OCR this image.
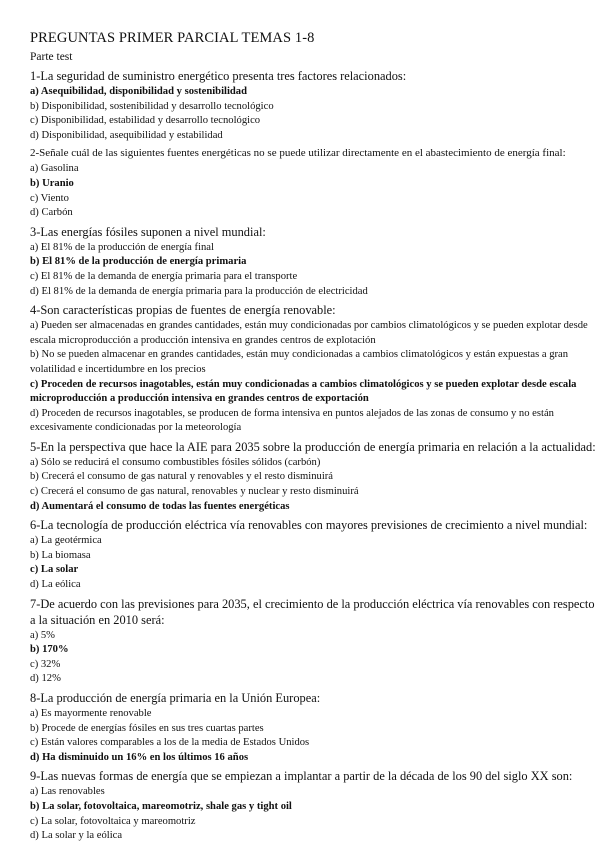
PREGUNTAS PRIMER PARCIAL TEMAS 1-8
Parte test
1-La seguridad de suministro energético presenta tres factores relacionados:
a) Asequibilidad, disponibilidad y sostenibilidad
b) Disponibilidad, sostenibilidad y desarrollo tecnológico
c) Disponibilidad, estabilidad y desarrollo tecnológico
d) Disponibilidad, asequibilidad y estabilidad
2-Señale cuál de las siguientes fuentes energéticas no se puede utilizar directamente en el abastecimiento de energía final:
a) Gasolina
b) Uranio
c) Viento
d) Carbón
3-Las energías fósiles suponen a nivel mundial:
a) El 81% de la producción de energía final
b) El 81% de la producción de energía primaria
c) El 81% de la demanda de energía primaria para el transporte
d) El 81% de la demanda de energía primaria para la producción de electricidad
4-Son características propias de fuentes de energía renovable:
a) Pueden ser almacenadas en grandes cantidades, están muy condicionadas por cambios climatológicos y se pueden explotar desde escala microproducción a producción intensiva en grandes centros de explotación
b) No se pueden almacenar en grandes cantidades, están muy condicionadas a cambios climatológicos y están expuestas a gran volatilidad e incertidumbre en los precios
c) Proceden de recursos inagotables, están muy condicionadas a cambios climatológicos y se pueden explotar desde escala microproducción a producción intensiva en grandes centros de exportación
d) Proceden de recursos inagotables, se producen de forma intensiva en puntos alejados de las zonas de consumo y no están excesivamente condicionadas por la meteorología
5-En la perspectiva que hace la AIE para 2035 sobre la producción de energía primaria en relación a la actualidad:
a) Sólo se reducirá el consumo combustibles fósiles sólidos (carbón)
b) Crecerá el consumo de gas natural y renovables y el resto disminuirá
c) Crecerá el consumo de gas natural, renovables y nuclear y resto disminuirá
d) Aumentará el consumo de todas las fuentes energéticas
6-La tecnología de producción eléctrica vía renovables con mayores previsiones de crecimiento a nivel mundial:
a) La geotérmica
b) La biomasa
c) La solar
d) La eólica
7-De acuerdo con las previsiones para 2035, el crecimiento de la producción eléctrica vía renovables con respecto a la situación en 2010 será:
a) 5%
b) 170%
c) 32%
d) 12%
8-La producción de energía primaria en la Unión Europea:
a) Es mayormente renovable
b) Procede de energías fósiles en sus tres cuartas partes
c) Están valores comparables a los de la media de Estados Unidos
d) Ha disminuido un 16% en los últimos 16 años
9-Las nuevas formas de energía que se empiezan a implantar a partir de la década de los 90 del siglo XX son:
a) Las renovables
b) La solar, fotovoltaica, mareomotriz, shale gas y tight oil
c) La solar, fotovoltaica y mareomotriz
d) La solar y la eólica
